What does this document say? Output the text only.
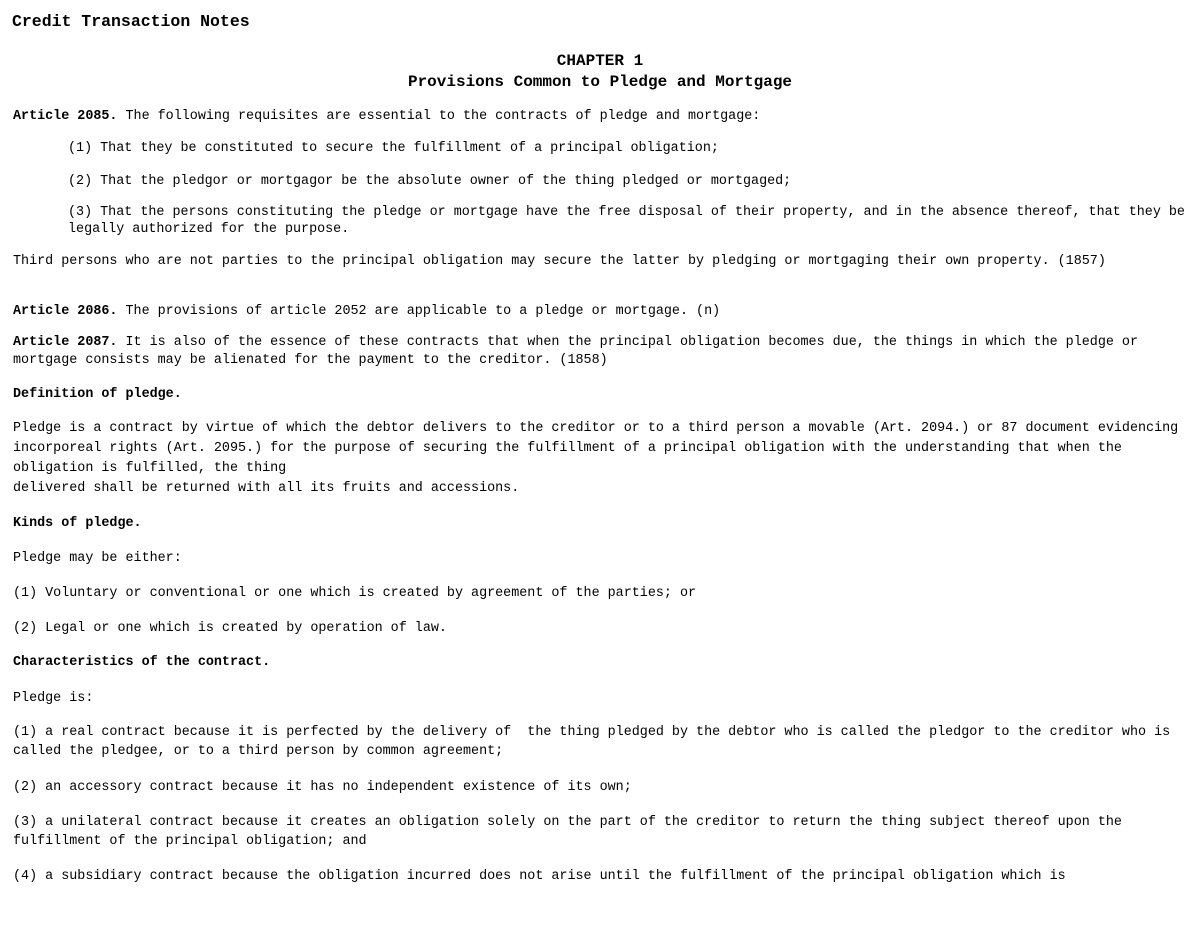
Credit Transaction Notes
CHAPTER 1
Provisions Common to Pledge and Mortgage

Article 2085. The following requisites are essential to the contracts of pledge and mortgage:

(1) That they be constituted to secure the fulfillment of a principal obligation;

(2) That the pledgor or mortgagor be the absolute owner of the thing pledged or mortgaged;

(3) That the persons constituting the pledge or mortgage have the free disposal of their property, and in the absence thereof, that they be legally authorized for the purpose.

Third persons who are not parties to the principal obligation may secure the latter by pledging or mortgaging their own property. (1857)

Article 2086. The provisions of article 2052 are applicable to a pledge or mortgage. (n)

Article 2087. It is also of the essence of these contracts that when the principal obligation becomes due, the things in which the pledge or mortgage consists may be alienated for the payment to the creditor. (1858)

Definition of pledge.

Pledge is a contract by virtue of which the debtor delivers to the creditor or to a third person a movable (Art. 2094.) or 87 document evidencing incorporeal rights (Art. 2095.) for the purpose of securing the fulfillment of a principal obligation with the understanding that when the obligation is fulfilled, the thing

delivered shall be returned with all its fruits and accessions.

Kinds of pledge.

Pledge may be either:

(1) Voluntary or conventional or one which is created by agreement of the parties; or

(2) Legal or one which is created by operation of law.

Characteristics of the contract.

Pledge is:

(1) a real contract because it is perfected by the delivery of  the thing pledged by the debtor who is called the pledgor to the creditor who is called the pledgee, or to a third person by common agreement;

(2) an accessory contract because it has no independent existence of its own;

(3) a unilateral contract because it creates an obligation solely on the part of the creditor to return the thing subject thereof upon the fulfillment of the principal obligation; and

(4) a subsidiary contract because the obligation incurred does not arise until the fulfillment of the principal obligation which is
